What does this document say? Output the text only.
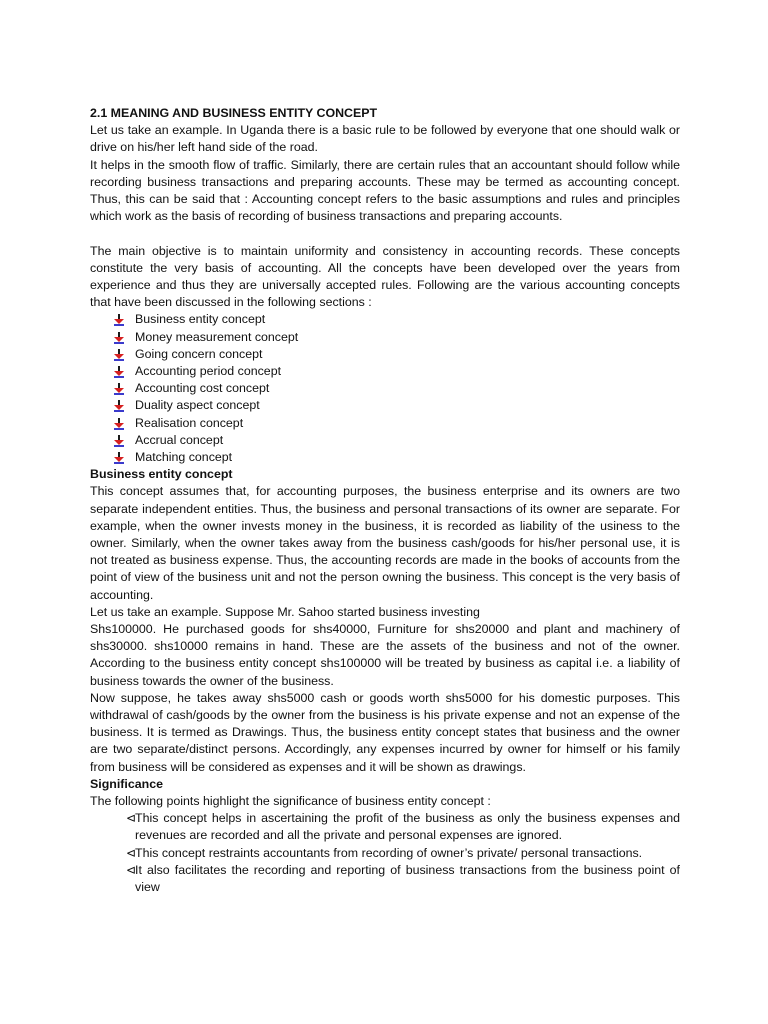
2.1 MEANING AND BUSINESS ENTITY CONCEPT

Let us take an example. In Uganda there is a basic rule to be followed by everyone that one should walk or drive on his/her left hand side of the road.

It helps in the smooth flow of traffic. Similarly, there are certain rules that an accountant should follow while recording business transactions and preparing accounts. These may be termed as accounting concept. Thus, this can be said that : Accounting concept refers to the basic assumptions and rules and principles which work as the basis of recording of business transactions and preparing accounts.

The main objective is to maintain uniformity and consistency in accounting records. These concepts constitute the very basis of accounting. All the concepts have been developed over the years from experience and thus they are universally accepted rules. Following are the various accounting concepts that have been discussed in the following sections :

Business entity concept
Money measurement concept
Going concern concept
Accounting period concept
Accounting cost concept
Duality aspect concept
Realisation concept
Accrual concept
Matching concept

Business entity concept

This concept assumes that, for accounting purposes, the business enterprise and its owners are two separate independent entities. Thus, the business and personal transactions of its owner are separate. For example, when the owner invests money in the business, it is recorded as liability of the usiness to the owner. Similarly, when the owner takes away from the business cash/goods for his/her personal use, it is not treated as business expense. Thus, the accounting records are made in the books of accounts from the point of view of the business unit and not the person owning the business. This concept is the very basis of accounting.

Let us take an example. Suppose Mr. Sahoo started business investing

Shs100000. He purchased goods for shs40000, Furniture for shs20000 and plant and machinery of shs30000. shs10000 remains in hand. These are the assets of the business and not of the owner. According to the business entity concept shs100000 will be treated by business as capital i.e. a liability of business towards the owner of the business.

Now suppose, he takes away shs5000 cash or goods worth shs5000 for his domestic purposes. This withdrawal of cash/goods by the owner from the business is his private expense and not an expense of the business. It is termed as Drawings. Thus, the business entity concept states that business and the owner are two separate/distinct persons. Accordingly, any expenses incurred by owner for himself or his family from business will be considered as expenses and it will be shown as drawings.

Significance

The following points highlight the significance of business entity concept :

⊲
This concept helps in ascertaining the profit of the business as only the business expenses and revenues are recorded and all the private and personal expenses are ignored.
⊲
This concept restraints accountants from recording of owner’s private/ personal transactions.
⊲
It also facilitates the recording and reporting of business transactions from the business point of view
